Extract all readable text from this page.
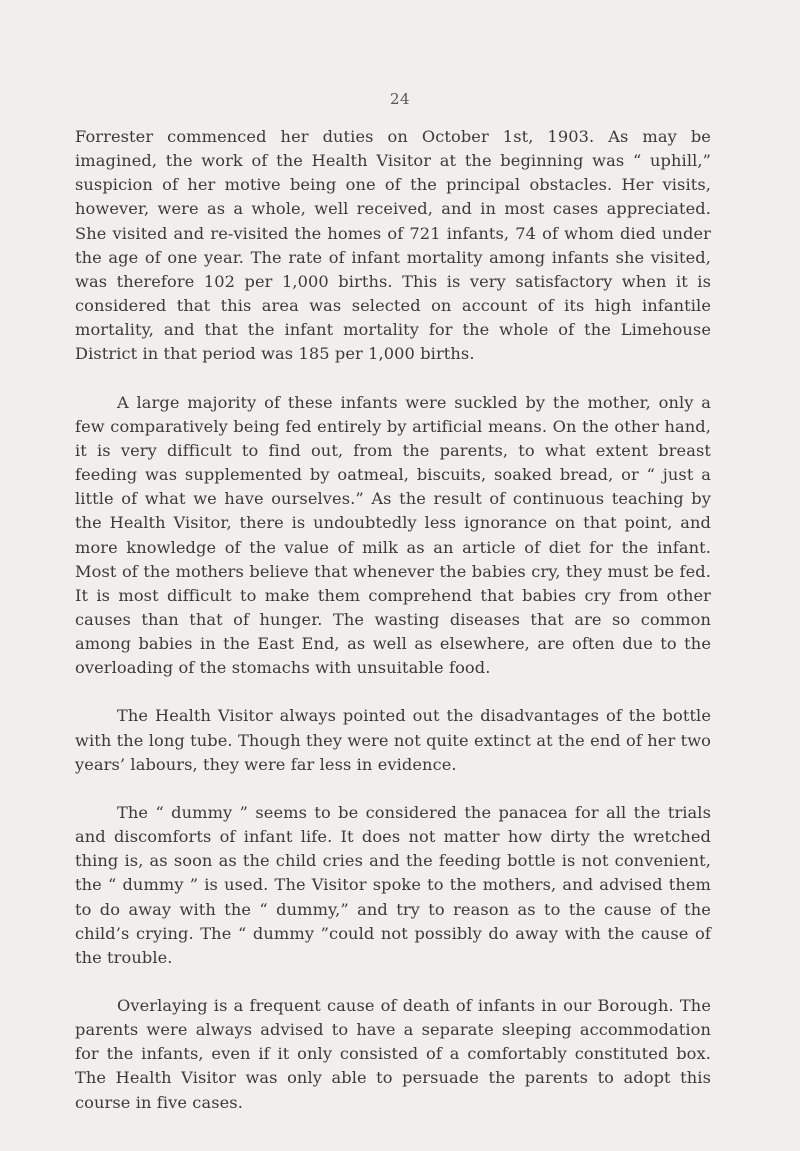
24

Forrester commenced her duties on October 1st, 1903. As may be imagined, the work of the Health Visitor at the beginning was “ uphill,” suspicion of her motive being one of the principal obstacles. Her visits, however, were as a whole, well received, and in most cases appreciated. She visited and re-visited the homes of 721 infants, 74 of whom died under the age of one year. The rate of infant mortality among infants she visited, was therefore 102 per 1,000 births. This is very satisfactory when it is considered that this area was selected on account of its high infantile mortality, and that the infant mortality for the whole of the Limehouse District in that period was 185 per 1,000 births.

A large majority of these infants were suckled by the mother, only a few comparatively being fed entirely by artificial means. On the other hand, it is very difficult to find out, from the parents, to what extent breast feeding was supplemented by oatmeal, biscuits, soaked bread, or “ just a little of what we have ourselves.” As the result of continuous teaching by the Health Visitor, there is undoubtedly less ignorance on that point, and more knowledge of the value of milk as an article of diet for the infant. Most of the mothers believe that whenever the babies cry, they must be fed. It is most difficult to make them comprehend that babies cry from other causes than that of hunger. The wasting diseases that are so common among babies in the East End, as well as elsewhere, are often due to the overloading of the stomachs with unsuitable food.

The Health Visitor always pointed out the disadvantages of the bottle with the long tube. Though they were not quite extinct at the end of her two years’ labours, they were far less in evidence.

The “ dummy ” seems to be considered the panacea for all the trials and discomforts of infant life. It does not matter how dirty the wretched thing is, as soon as the child cries and the feeding bottle is not convenient, the “ dummy ” is used. The Visitor spoke to the mothers, and advised them to do away with the “ dummy,” and try to reason as to the cause of the child’s crying. The “ dummy ”could not possibly do away with the cause of the trouble.

Overlaying is a frequent cause of death of infants in our Borough. The parents were always advised to have a separate sleeping accommodation for the infants, even if it only consisted of a comfortably constituted box. The Health Visitor was only able to persuade the parents to adopt this course in five cases.
